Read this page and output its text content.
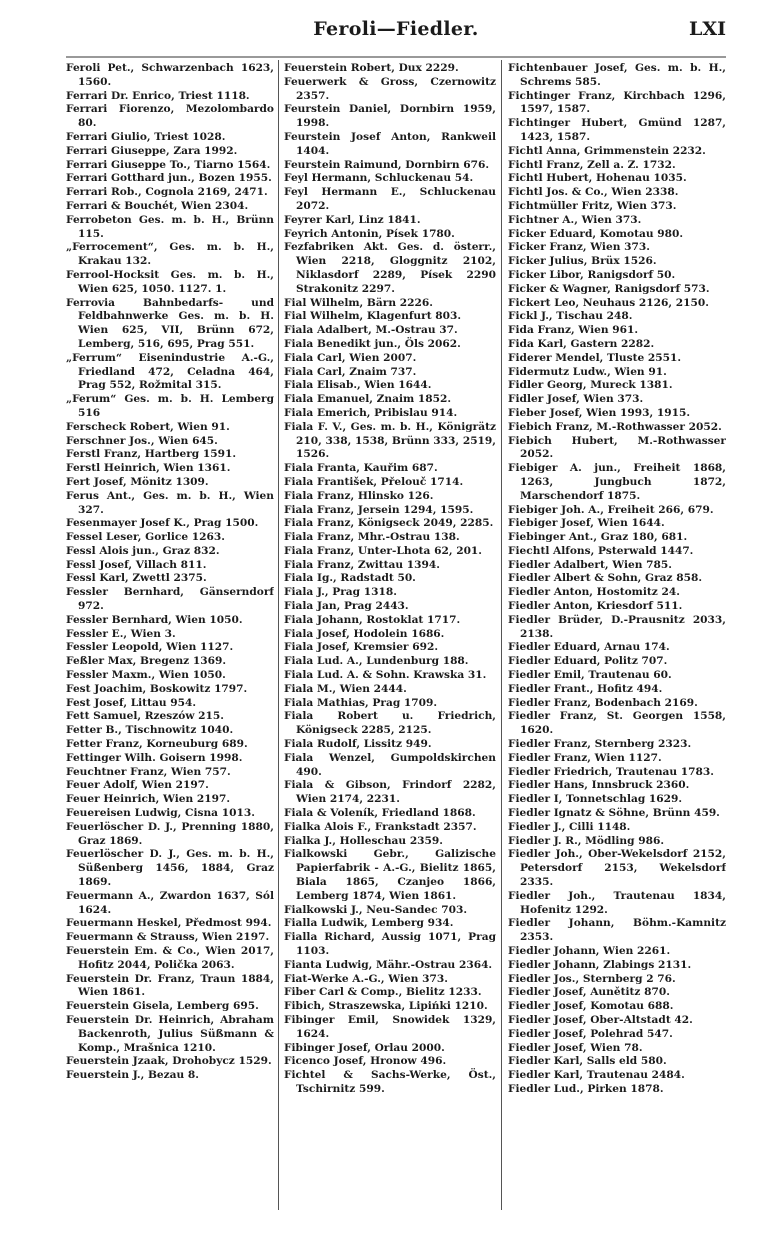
Feroli—Fiedler.	LXI

Feroli Pet., Schwarzenbach 1623, 1560.

Ferrari Dr. Enrico, Triest 1118.

Ferrari Fiorenzo, Mezolombardo 80.

Ferrari Giulio, Triest 1028.

Ferrari Giuseppe, Zara 1992.

Ferrari Giuseppe To., Tiarno 1564.

Ferrari Gotthard jun., Bozen 1955.

Ferrari Rob., Cognola 2169, 2471.

Ferrari & Bouchét, Wien 2304.

Ferrobeton Ges. m. b. H., Brünn 115.

„Ferrocement“, Ges. m. b. H., Krakau 132.

Ferrool-Hocksit Ges. m. b. H., Wien 625, 1050. 1127. 1.

Ferrovia Bahnbedarfs- und Feldbahnwerke Ges. m. b. H. Wien 625, VII, Brünn 672, Lemberg, 516, 695, Prag 551.

„Ferrum“ Eisenindustrie A.-G., Friedland 472, Celadna 464, Prag 552, Rožmital 315.

„Ferum“ Ges. m. b. H. Lemberg 516

Ferscheck Robert, Wien 91.

Ferschner Jos., Wien 645.

Ferstl Franz, Hartberg 1591.

Ferstl Heinrich, Wien 1361.

Fert Josef, Mönitz 1309.

Ferus Ant., Ges. m. b. H., Wien 327.

Fesenmayer Josef K., Prag 1500.

Fessel Leser, Gorlice 1263.

Fessl Alois jun., Graz 832.

Fessl Josef, Villach 811.

Fessl Karl, Zwettl 2375.

Fessler Bernhard, Gänserndorf 972.

Fessler Bernhard, Wien 1050.

Fessler E., Wien 3.

Fessler Leopold, Wien 1127.

Feßler Max, Bregenz 1369.

Fessler Maxm., Wien 1050.

Fest Joachim, Boskowitz 1797.

Fest Josef, Littau 954.

Fett Samuel, Rzeszów 215.

Fetter B., Tischnowitz 1040.

Fetter Franz, Korneuburg 689.

Fettinger Wilh. Goisern 1998.

Feuchtner Franz, Wien 757.

Feuer Adolf, Wien 2197.

Feuer Heinrich, Wien 2197.

Feuereisen Ludwig, Cisna 1013.

Feuerlöscher D. J., Prenning 1880, Graz 1869.

Feuerlöscher D. J., Ges. m. b. H., Süßenberg 1456, 1884, Graz 1869.

Feuermann A., Zwardon 1637, Sól 1624.

Feuermann Heskel, Předmost 994.

Feuermann & Strauss, Wien 2197.

Feuerstein Em. & Co., Wien 2017, Hofitz 2044, Polička 2063.

Feuerstein Dr. Franz, Traun 1884, Wien 1861.

Feuerstein Gisela, Lemberg 695.

Feuerstein Dr. Heinrich, Abraham Backenroth, Julius Süßmann & Komp., Mrašnica 1210.

Feuerstein Jzaak, Drohobycz 1529.

Feuerstein J., Bezau 8.

Feuerstein Robert, Dux 2229.

Feuerwerk & Gross, Czernowitz 2357.

Feurstein Daniel, Dornbirn 1959, 1998.

Feurstein Josef Anton, Rankweil 1404.

Feurstein Raimund, Dornbirn 676.

Feyl Hermann, Schluckenau 54.

Feyl Hermann E., Schluckenau 2072.

Feyrer Karl, Linz 1841.

Feyrich Antonin, Písek 1780.

Fezfabriken Akt. Ges. d. österr., Wien 2218, Gloggnitz 2102, Niklasdorf 2289, Písek 2290 Strakonitz 2297.

Fial Wilhelm, Bärn 2226.

Fial Wilhelm, Klagenfurt 803.

Fiala Adalbert, M.-Ostrau 37.

Fiala Benedikt jun., Öls 2062.

Fiala Carl, Wien 2007.

Fiala Carl, Znaim 737.

Fiala Elisab., Wien 1644.

Fiala Emanuel, Znaim 1852.

Fiala Emerich, Pribislau 914.

Fiala F. V., Ges. m. b. H., Königrätz 210, 338, 1538, Brünn 333, 2519, 1526.

Fiala Franta, Kauřim 687.

Fiala František, Přelouč 1714.

Fiala Franz, Hlinsko 126.

Fiala Franz, Jersein 1294, 1595.

Fiala Franz, Königseck 2049, 2285.

Fiala Franz, Mhr.-Ostrau 138.

Fiala Franz, Unter-Lhota 62, 201.

Fiala Franz, Zwittau 1394.

Fiala Ig., Radstadt 50.

Fiala J., Prag 1318.

Fiala Jan, Prag 2443.

Fiala Johann, Rostoklat 1717.

Fiala Josef, Hodolein 1686.

Fiala Josef, Kremsier 692.

Fiala Lud. A., Lundenburg 188.

Fiala Lud. A. & Sohn. Krawska 31.

Fiala M., Wien 2444.

Fiala Mathias, Prag 1709.

Fiala Robert u. Friedrich, Königseck 2285, 2125.

Fiala Rudolf, Lissitz 949.

Fiala Wenzel, Gumpoldskirchen 490.

Fiala & Gibson, Frindorf 2282, Wien 2174, 2231.

Fiala & Voleník, Friedland 1868.

Fialka Alois F., Frankstadt 2357.

Fialka J., Holleschau 2359.

Fialkowski Gebr., Galizische Papierfabrik - A.-G., Bielitz 1865, Biala 1865, Czanjeo 1866, Lemberg 1874, Wien 1861.

Fialkowski J., Neu-Sandec 703.

Fialla Ludwik, Lemberg 934.

Fialla Richard, Aussig 1071, Prag 1103.

Fianta Ludwig, Mähr.-Ostrau 2364.

Fiat-Werke A.-G., Wien 373.

Fiber Carl & Comp., Bielitz 1233.

Fibich, Straszewska, Lipińki 1210.

Fibinger Emil, Snowidek 1329, 1624.

Fibinger Josef, Orlau 2000.

Ficenco Josef, Hronow 496.

Fichtel & Sachs-Werke, Öst., Tschirnitz 599.

Fichtenbauer Josef, Ges. m. b. H., Schrems 585.

Fichtinger Franz, Kirchbach 1296, 1597, 1587.

Fichtinger Hubert, Gmünd 1287, 1423, 1587.

Fichtl Anna, Grimmenstein 2232.

Fichtl Franz, Zell a. Z. 1732.

Fichtl Hubert, Hohenau 1035.

Fichtl Jos. & Co., Wien 2338.

Fichtmüller Fritz, Wien 373.

Fichtner A., Wien 373.

Ficker Eduard, Komotau 980.

Ficker Franz, Wien 373.

Ficker Julius, Brüx 1526.

Ficker Libor, Ranigsdorf 50.

Ficker & Wagner, Ranigsdorf 573.

Fickert Leo, Neuhaus 2126, 2150.

Fickl J., Tischau 248.

Fida Franz, Wien 961.

Fida Karl, Gastern 2282.

Fiderer Mendel, Tluste 2551.

Fidermutz Ludw., Wien 91.

Fidler Georg, Mureck 1381.

Fidler Josef, Wien 373.

Fieber Josef, Wien 1993, 1915.

Fiebich Franz, M.-Rothwasser 2052.

Fiebich Hubert, M.-Rothwasser 2052.

Fiebiger A. jun., Freiheit 1868, 1263, Jungbuch 1872, Marschendorf 1875.

Fiebiger Joh. A., Freiheit 266, 679.

Fiebiger Josef, Wien 1644.

Fiebinger Ant., Graz 180, 681.

Fiechtl Alfons, Psterwald 1447.

Fiedler Adalbert, Wien 785.

Fiedler Albert & Sohn, Graz 858.

Fiedler Anton, Hostomitz 24.

Fiedler Anton, Kriesdorf 511.

Fiedler Brüder, D.-Prausnitz 2033, 2138.

Fiedler Eduard, Arnau 174.

Fiedler Eduard, Politz 707.

Fiedler Emil, Trautenau 60.

Fiedler Frant., Hofitz 494.

Fiedler Franz, Bodenbach 2169.

Fiedler Franz, St. Georgen 1558, 1620.

Fiedler Franz, Sternberg 2323.

Fiedler Franz, Wien 1127.

Fiedler Friedrich, Trautenau 1783.

Fiedler Hans, Innsbruck 2360.

Fiedler I, Tonnetschlag 1629.

Fiedler Ignatz & Söhne, Brünn 459.

Fiedler J., Cilli 1148.

Fiedler J. R., Mödling 986.

Fiedler Joh., Ober-Wekelsdorf 2152, Petersdorf 2153, Wekelsdorf 2335.

Fiedler Joh., Trautenau 1834, Hofenitz 1292.

Fiedler Johann, Böhm.-Kamnitz 2353.

Fiedler Johann, Wien 2261.

Fiedler Johann, Zlabings 2131.

Fiedler Jos., Sternberg 2 76.

Fiedler Josef, Aunětitz 870.

Fiedler Josef, Komotau 688.

Fiedler Josef, Ober-Altstadt 42.

Fiedler Josef, Polehrad 547.

Fiedler Josef, Wien 78.

Fiedler Karl, Salls eld 580.

Fiedler Karl, Trautenau 2484.

Fiedler Lud., Pirken 1878.
